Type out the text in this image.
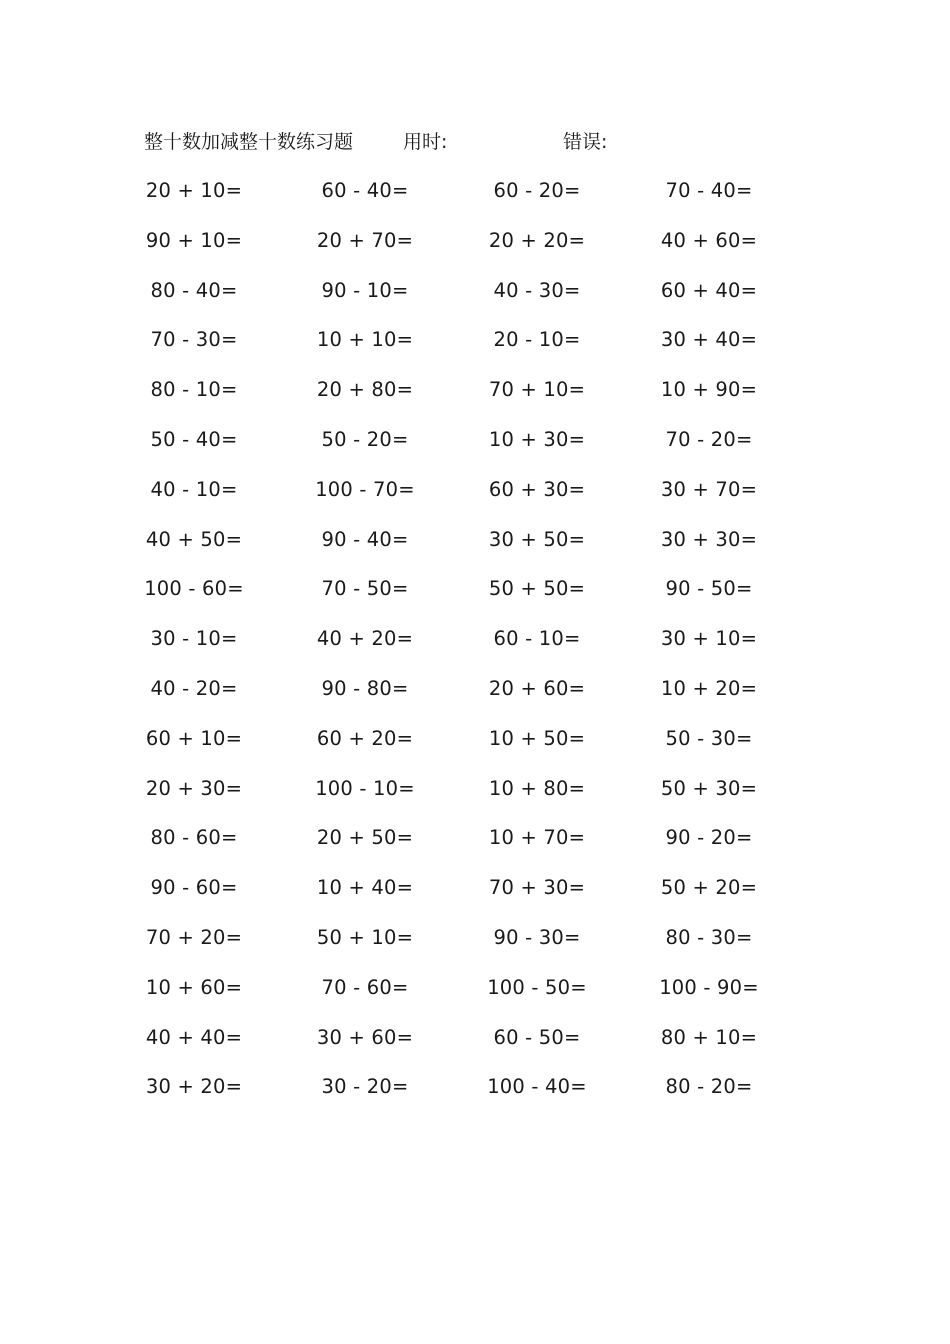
整十数加减整十数练习题	用时:	错误:
20 + 10=	60 - 40=	60 - 20=	70 - 40=
90 + 10=	20 + 70=	20 + 20=	40 + 60=
80 - 40=	90 - 10=	40 - 30=	60 + 40=
70 - 30=	10 + 10=	20 - 10=	30 + 40=
80 - 10=	20 + 80=	70 + 10=	10 + 90=
50 - 40=	50 - 20=	10 + 30=	70 - 20=
40 - 10=	100 - 70=	60 + 30=	30 + 70=
40 + 50=	90 - 40=	30 + 50=	30 + 30=
100 - 60=	70 - 50=	50 + 50=	90 - 50=
30 - 10=	40 + 20=	60 - 10=	30 + 10=
40 - 20=	90 - 80=	20 + 60=	10 + 20=
60 + 10=	60 + 20=	10 + 50=	50 - 30=
20 + 30=	100 - 10=	10 + 80=	50 + 30=
80 - 60=	20 + 50=	10 + 70=	90 - 20=
90 - 60=	10 + 40=	70 + 30=	50 + 20=
70 + 20=	50 + 10=	90 - 30=	80 - 30=
10 + 60=	70 - 60=	100 - 50=	100 - 90=
40 + 40=	30 + 60=	60 - 50=	80 + 10=
30 + 20=	30 - 20=	100 - 40=	80 - 20=
